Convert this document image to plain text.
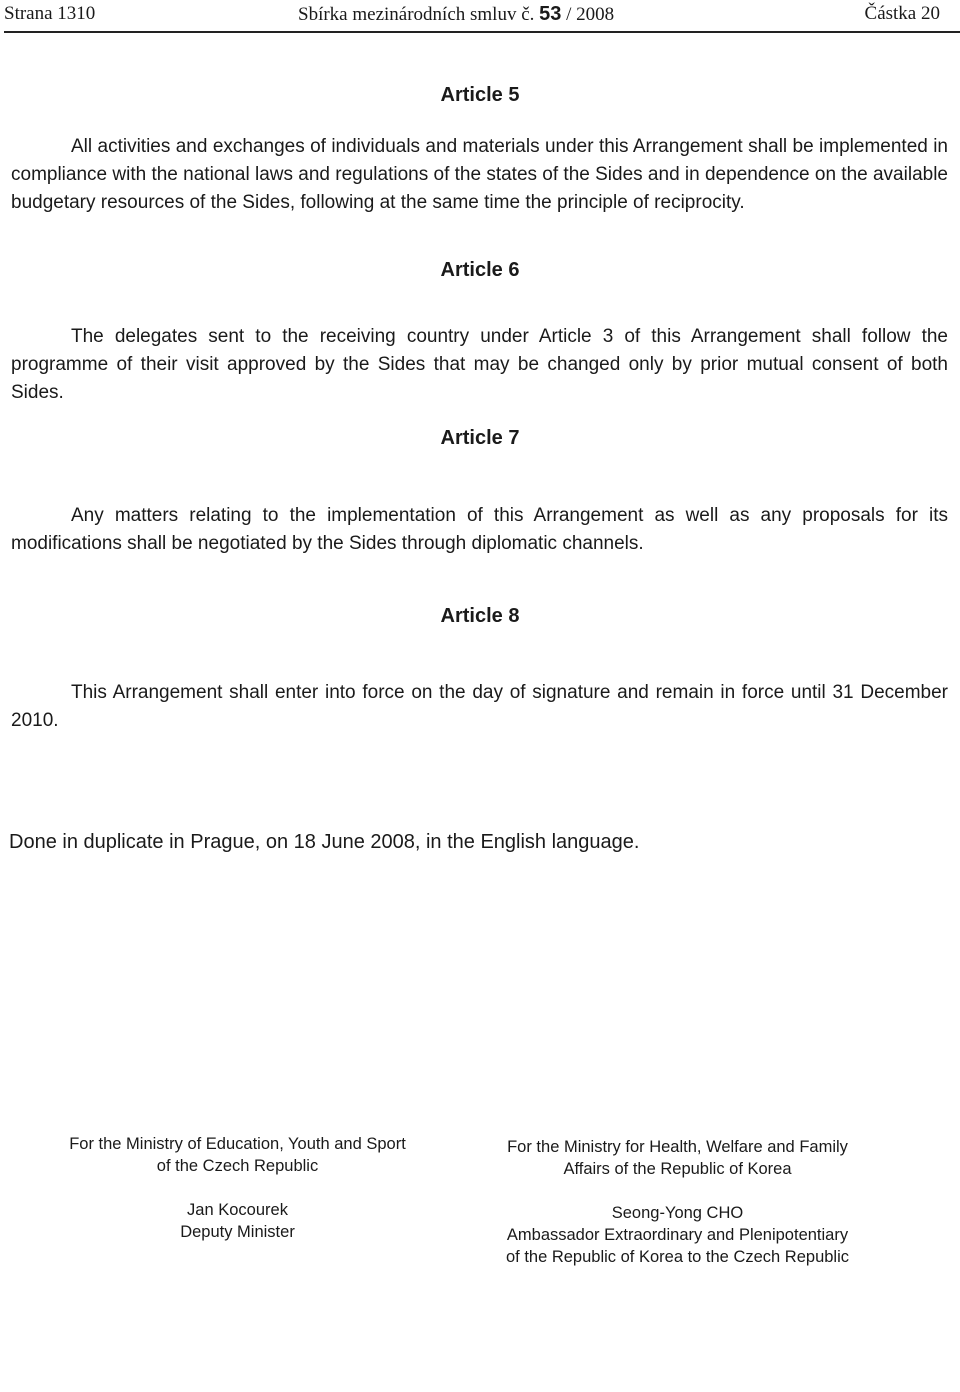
Strana 1310	Sbírka mezinárodních smluv č. 53 / 2008	Částka 20
Article 5
All activities and exchanges of individuals and materials under this Arrangement shall be implemented in compliance with the national laws and regulations of the states of the Sides and in dependence on the available budgetary resources of the Sides, following at the same time the principle of reciprocity.
Article 6
The delegates sent to the receiving country under Article 3 of this Arrangement shall follow the programme of their visit approved by the Sides that may be changed only by prior mutual consent of both Sides.
Article 7
Any matters relating to the implementation of this Arrangement as well as any proposals for its modifications shall be negotiated by the Sides through diplomatic channels.
Article 8
This Arrangement shall enter into force on the day of signature and remain in force until 31 December 2010.
Done in duplicate in Prague, on 18 June 2008, in the English language.

For the Ministry of Education, Youth and Sport

of the Czech Republic

Jan Kocourek

Deputy Minister

For the Ministry for Health, Welfare and Family

Affairs of the Republic of Korea

Seong-Yong CHO

Ambassador Extraordinary and Plenipotentiary

of the Republic of Korea to the Czech Republic
